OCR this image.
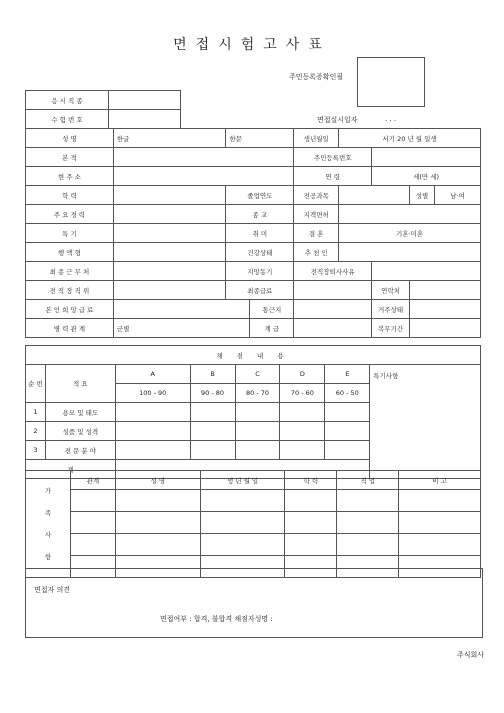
면접시험고사표
주민등록증확인필
면접실시일자	. . .
응 시 직 종	
수 험 번 호	
성 명	한글	한문		생년월일	서기 20 년 월 일생			
본 적				주민등록번호				
현 주 소				연 령		세(만 세)		
학 력		졸업연도		전공과목			성별	남·여
주 요 경 력		종 교		지격면허				
특 기		취 미		결 혼	기혼·미혼			
행 액 형		건강상태		추 천 인				
최 종 근 무 처		지망동기		전직장퇴사사유				
전 직 장 직 위		최종급료				연락처		
본 인 희 망 급 료			통근지			거주상태		
병 력 관 계	군별		계 급			복무기간		
채 점 내 용							
순 번	적 요	A	B	C	D	E	특기사항
		100 - 90	90 - 80	80 - 70	70 - 60	60 - 50	
1	용모 및 태도						
2	성품 및 성격						
3	전 문 분 야						
계							
가 족 사 항	관계	성 명	생 년 월 일	학 력	직 업	비 고

면접자 의견
면접여부 : 합격, 불합격 채점자성명 :
주식회사
